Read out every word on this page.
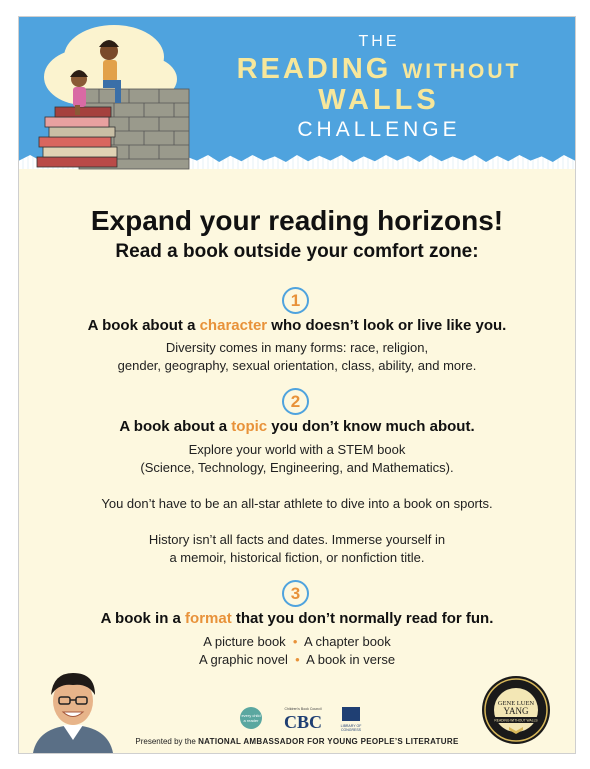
THE
READING WITHOUT
WALLS
CHALLENGE
Expand your reading horizons!
Read a book outside your comfort zone:
1
A book about a character who doesn’t look or live like you.
Diversity comes in many forms: race, religion,
gender, geography, sexual orientation, class, ability, and more.
2
A book about a topic you don’t know much about.
Explore your world with a STEM book
(Science, Technology, Engineering, and Mathematics).
You don’t have to be an all-star athlete to dive into a book on sports.
History isn’t all facts and dates. Immerse yourself in
a memoir, historical fiction, or nonfiction title.
3
A book in a format that you don’t normally read for fun.
A picture book  •  A chapter book
A graphic novel  •  A book in verse
every child
a reader
Children's Book Council
CBC	LIBRARY OF
CONGRESS
Presented by the NATIONAL AMBASSADOR FOR YOUNG PEOPLE’S LITERATURE
GENE LUEN
YANG
READING WITHOUT WALLS
